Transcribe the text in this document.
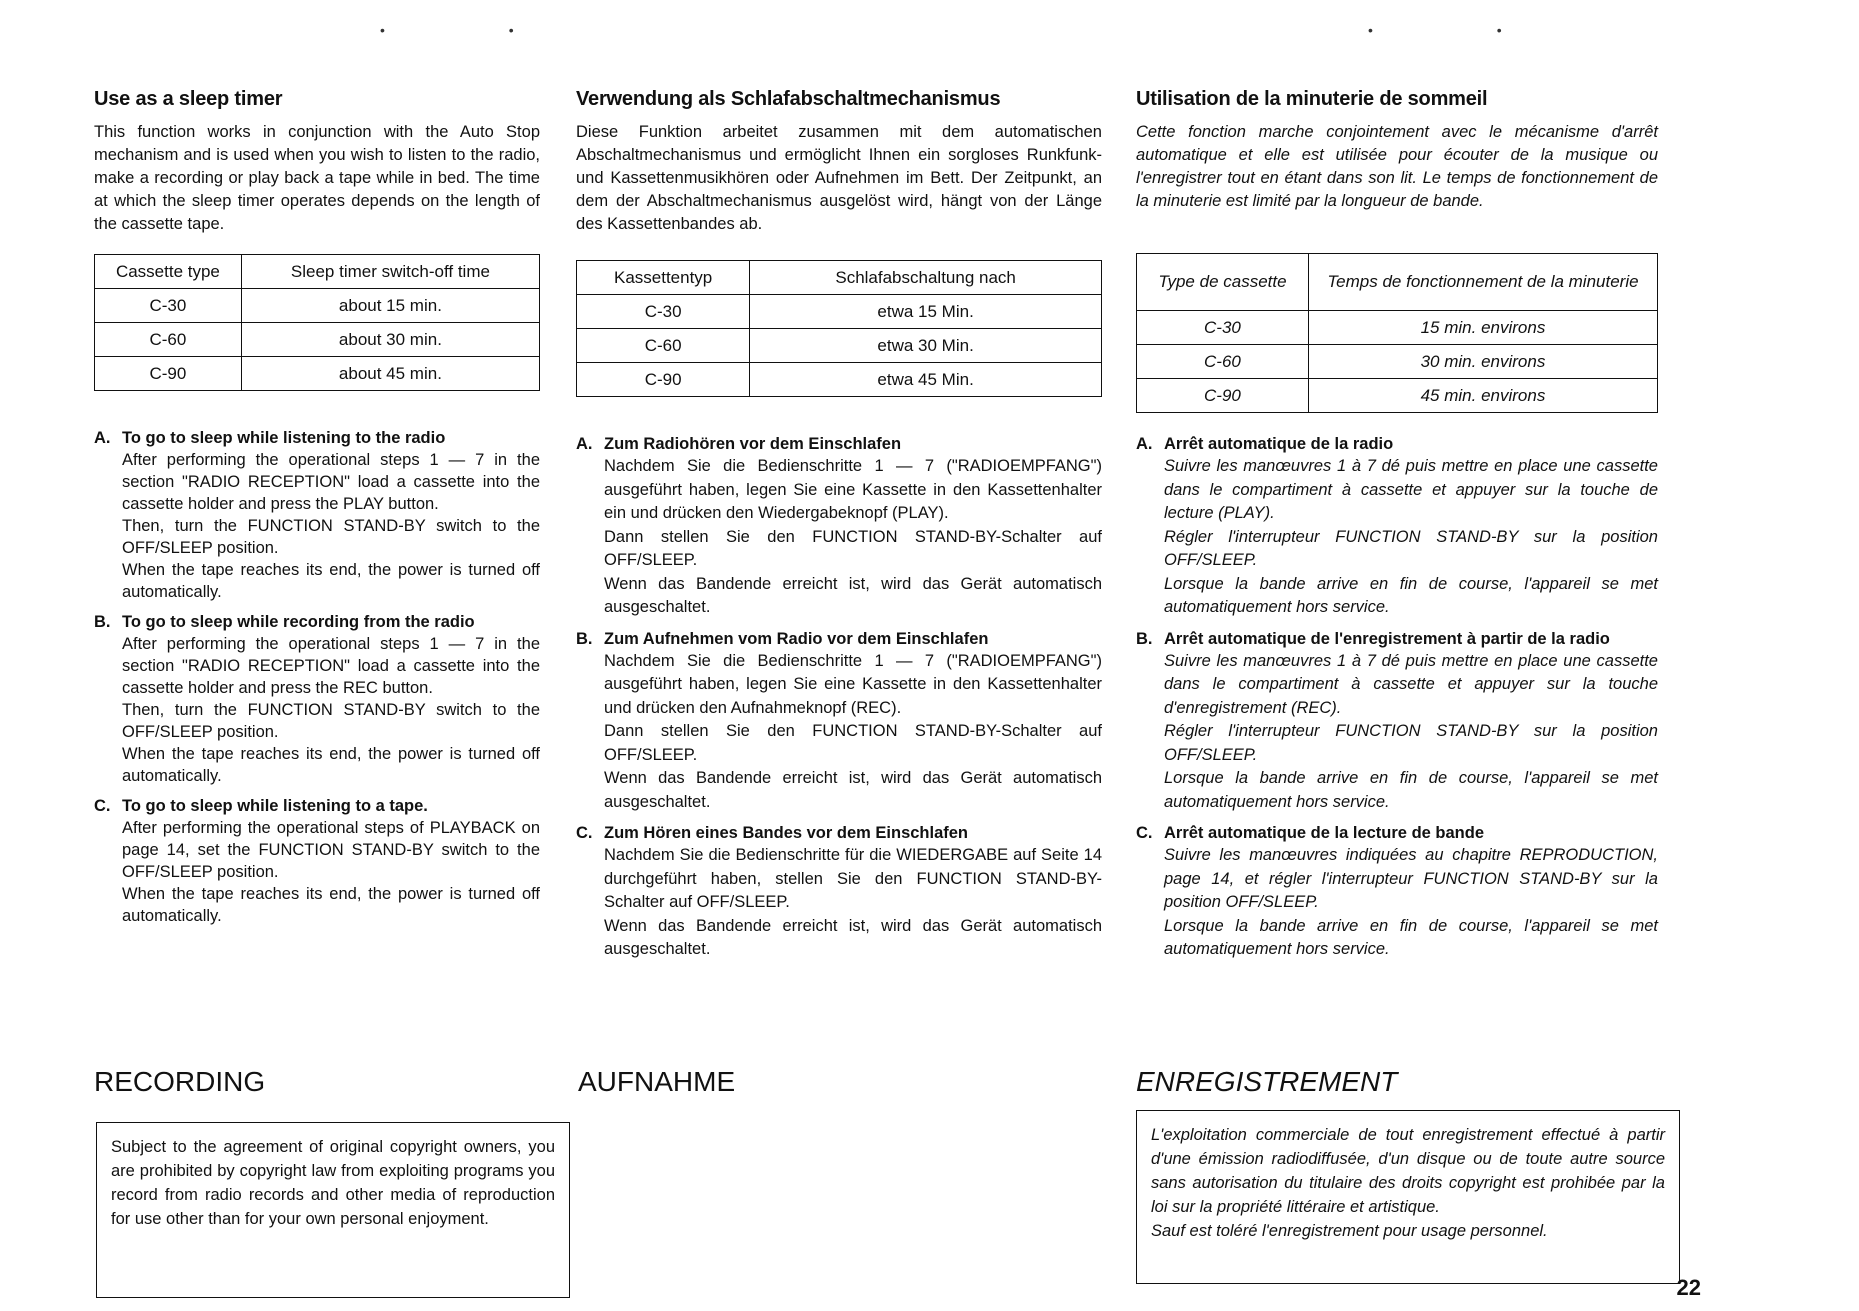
• •	• •
Use as a sleep timer

This function works in conjunction with the Auto Stop mechanism and is used when you wish to listen to the radio, make a recording or play back a tape while in bed. The time at which the sleep timer operates depends on the length of the cassette tape.

Cassette type	Sleep timer switch-off time
C-30	about 15 min.
C-60	about 30 min.
C-90	about 45 min.
A. To go to sleep while listening to the radio

After performing the operational steps 1 — 7 in the section "RADIO RECEPTION" load a cassette into the cassette holder and press the PLAY button.

Then, turn the FUNCTION STAND-BY switch to the OFF/SLEEP position.

When the tape reaches its end, the power is turned off automatically.

B. To go to sleep while recording from the radio

After performing the operational steps 1 — 7 in the section "RADIO RECEPTION" load a cassette into the cassette holder and press the REC button.

Then, turn the FUNCTION STAND-BY switch to the OFF/SLEEP position.

When the tape reaches its end, the power is turned off automatically.

C. To go to sleep while listening to a tape.

After performing the operational steps of PLAYBACK on page 14, set the FUNCTION STAND-BY switch to the OFF/SLEEP position.

When the tape reaches its end, the power is turned off automatically.

Verwendung als Schlafabschaltmechanismus

Diese Funktion arbeitet zusammen mit dem automatischen Abschaltmechanismus und ermöglicht Ihnen ein sorgloses Runkfunk- und Kassettenmusikhören oder Aufnehmen im Bett. Der Zeitpunkt, an dem der Abschaltmechanismus ausgelöst wird, hängt von der Länge des Kassettenbandes ab.

Kassettentyp	Schlafabschaltung nach
C-30	etwa 15 Min.
C-60	etwa 30 Min.
C-90	etwa 45 Min.
A. Zum Radiohören vor dem Einschlafen

Nachdem Sie die Bedienschritte 1 — 7 ("RADIOEMPFANG") ausgeführt haben, legen Sie eine Kassette in den Kassettenhalter ein und drücken den Wiedergabeknopf (PLAY).

Dann stellen Sie den FUNCTION STAND-BY-Schalter auf OFF/SLEEP.

Wenn das Bandende erreicht ist, wird das Gerät automatisch ausgeschaltet.

B. Zum Aufnehmen vom Radio vor dem Einschlafen

Nachdem Sie die Bedienschritte 1 — 7 ("RADIOEMPFANG") ausgeführt haben, legen Sie eine Kassette in den Kassettenhalter und drücken den Aufnahmeknopf (REC).

Dann stellen Sie den FUNCTION STAND-BY-Schalter auf OFF/SLEEP.

Wenn das Bandende erreicht ist, wird das Gerät automatisch ausgeschaltet.

C. Zum Hören eines Bandes vor dem Einschlafen

Nachdem Sie die Bedienschritte für die WIEDERGABE auf Seite 14 durchgeführt haben, stellen Sie den FUNCTION STAND-BY-Schalter auf OFF/SLEEP.

Wenn das Bandende erreicht ist, wird das Gerät automatisch ausgeschaltet.

Utilisation de la minuterie de sommeil

Cette fonction marche conjointement avec le mécanisme d'arrêt automatique et elle est utilisée pour écouter de la musique ou l'enregistrer tout en étant dans son lit. Le temps de fonctionnement de la minuterie est limité par la longueur de bande.

Type de cassette	Temps de fonctionnement de la minuterie
C-30	15 min. environs
C-60	30 min. environs
C-90	45 min. environs
A. Arrêt automatique de la radio

Suivre les manœuvres 1 à 7 dé puis mettre en place une cassette dans le compartiment à cassette et appuyer sur la touche de lecture (PLAY).

Régler l'interrupteur FUNCTION STAND-BY sur la position OFF/SLEEP.

Lorsque la bande arrive en fin de course, l'appareil se met automatiquement hors service.

B. Arrêt automatique de l'enregistrement à partir de la radio

Suivre les manœuvres 1 à 7 dé puis mettre en place une cassette dans le compartiment à cassette et appuyer sur la touche d'enregistrement (REC).

Régler l'interrupteur FUNCTION STAND-BY sur la position OFF/SLEEP.

Lorsque la bande arrive en fin de course, l'appareil se met automatiquement hors service.

C. Arrêt automatique de la lecture de bande

Suivre les manœuvres indiquées au chapitre REPRODUCTION, page 14, et régler l'interrupteur FUNCTION STAND-BY sur la position OFF/SLEEP.

Lorsque la bande arrive en fin de course, l'appareil se met automatiquement hors service.

RECORDING	AUFNAHME	ENREGISTREMENT

Subject to the agreement of original copyright owners, you are prohibited by copyright law from exploiting programs you record from radio records and other media of reproduction for use other than for your own personal enjoyment.

L'exploitation commerciale de tout enregistrement effectué à partir d'une émission radiodiffusée, d'un disque ou de toute autre source sans autorisation du titulaire des droits copyright est prohibée par la loi sur la propriété littéraire et artistique.

Sauf est toléré l'enregistrement pour usage personnel.

22
